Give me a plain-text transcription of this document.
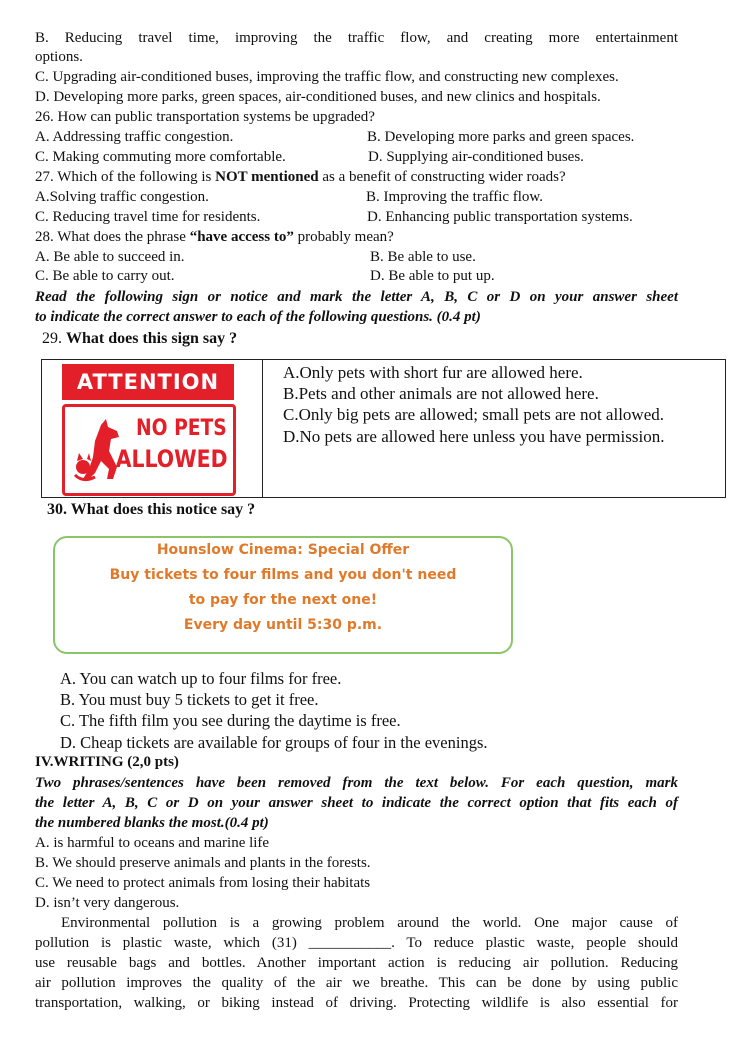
B. Reducing travel time, improving the traffic flow, and creating more entertainment
options.
C. Upgrading air-conditioned buses, improving the traffic flow, and constructing new complexes.
D. Developing more parks, green spaces, air-conditioned buses, and new clinics and hospitals.
26. How can public transportation systems be upgraded?
A. Addressing traffic congestion.	B. Developing more parks and green spaces.
C. Making commuting more comfortable.	D. Supplying air-conditioned buses.
27. Which of the following is NOT mentioned as a benefit of constructing wider roads?
A.Solving traffic congestion.	B. Improving the traffic flow.
C. Reducing travel time for residents.	D. Enhancing public transportation systems.
28. What does the phrase “have access to” probably mean?
A. Be able to succeed in.	B. Be able to use.
C. Be able to carry out.	D. Be able to put up.
Read the following sign or notice and mark the letter A, B, C or D on your answer sheet
to indicate the correct answer to each of the following questions. (0.4 pt)
29. What does this sign say ?
ATTENTION
NO PETS
ALLOWED
A.Only pets with short fur are allowed here.
B.Pets and other animals are not allowed here.
C.Only big pets are allowed; small pets are not allowed.
D.No pets are allowed here unless you have permission.
30. What does this notice say ?
Hounslow Cinema: Special Offer
Buy tickets to four films and you don't need
to pay for the next one!
Every day until 5:30 p.m.
A. You can watch up to four films for free.
B. You must buy 5 tickets to get it free.
C. The fifth film you see during the daytime is free.
D. Cheap tickets are available for groups of four in the evenings.
IV.WRITING (2,0 pts)
Two phrases/sentences have been removed from the text below. For each question, mark
the letter A, B, C or D on your answer sheet to indicate the correct option that fits each of
the numbered blanks the most.(0.4 pt)
A. is harmful to oceans and marine life
B. We should preserve animals and plants in the forests.
C. We need to protect animals from losing their habitats
D. isn’t very dangerous.
Environmental pollution is a growing problem around the world. One major cause of
pollution is plastic waste, which (31) ___________. To reduce plastic waste, people should
use reusable bags and bottles. Another important action is reducing air pollution. Reducing
air pollution improves the quality of the air we breathe. This can be done by using public
transportation, walking, or biking instead of driving. Protecting wildlife is also essential for
